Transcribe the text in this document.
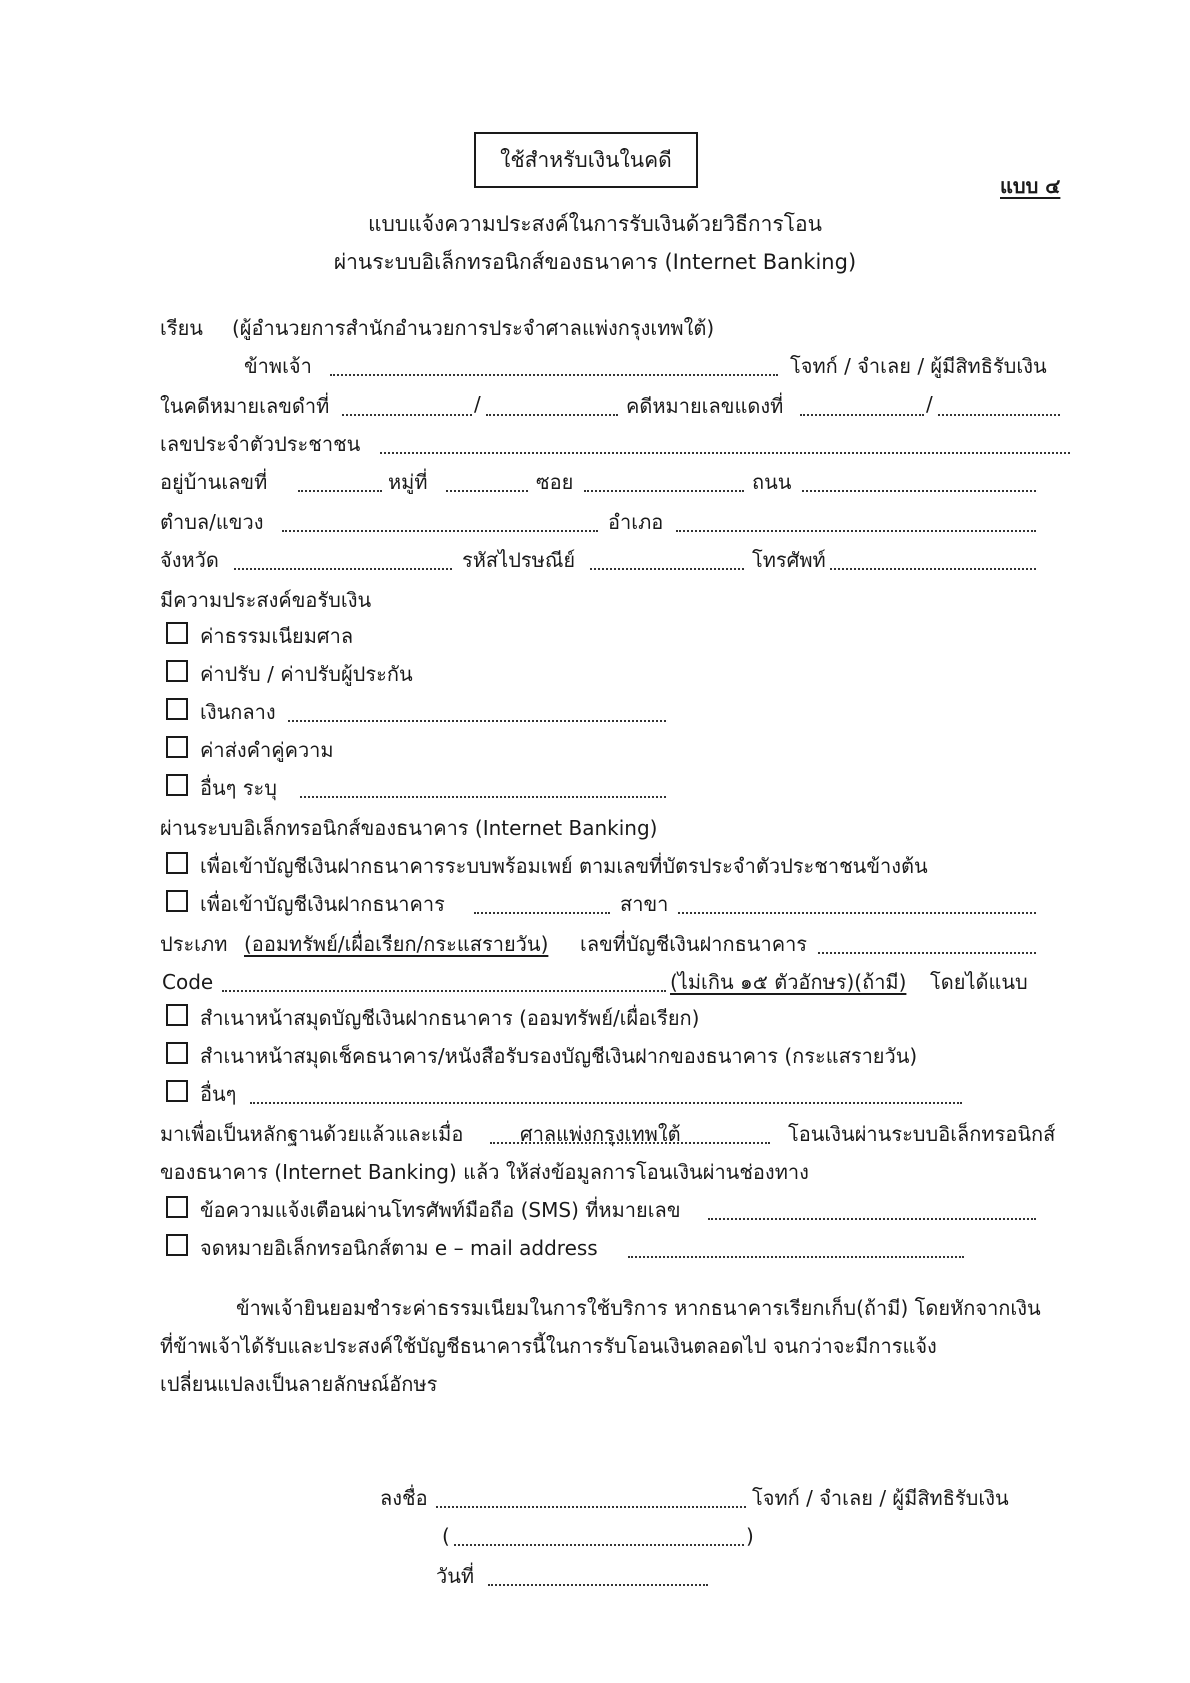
ใช้สำหรับเงินในคดี
แบบ ๔
แบบแจ้งความประสงค์ในการรับเงินด้วยวิธีการโอน
ผ่านระบบอิเล็กทรอนิกส์ของธนาคาร (Internet Banking)
เรียน (ผู้อำนวยการสำนักอำนวยการประจำศาลแพ่งกรุงเทพใต้)
ข้าพเจ้า	โจทก์ / จำเลย / ผู้มีสิทธิรับเงิน
ในคดีหมายเลขดำที่	/	คดีหมายเลขแดงที่	/
เลขประจำตัวประชาชน
อยู่บ้านเลขที่	หมู่ที่	ซอย	ถนน
ตำบล/แขวง	อำเภอ
จังหวัด	รหัสไปรษณีย์	โทรศัพท์
มีความประสงค์ขอรับเงิน
ค่าธรรมเนียมศาล
ค่าปรับ / ค่าปรับผู้ประกัน
เงินกลาง
ค่าส่งคำคู่ความ
อื่นๆ ระบุ
ผ่านระบบอิเล็กทรอนิกส์ของธนาคาร (Internet Banking)
เพื่อเข้าบัญชีเงินฝากธนาคารระบบพร้อมเพย์ ตามเลขที่บัตรประจำตัวประชาชนข้างต้น
เพื่อเข้าบัญชีเงินฝากธนาคาร	สาขา
ประเภท (ออมทรัพย์/เผื่อเรียก/กระแสรายวัน) เลขที่บัญชีเงินฝากธนาคาร
Code	(ไม่เกิน ๑๕ ตัวอักษร)(ถ้ามี) โดยได้แนบ
สำเนาหน้าสมุดบัญชีเงินฝากธนาคาร (ออมทรัพย์/เผื่อเรียก)
สำเนาหน้าสมุดเช็คธนาคาร/หนังสือรับรองบัญชีเงินฝากของธนาคาร (กระแสรายวัน)
อื่นๆ
มาเพื่อเป็นหลักฐานด้วยแล้วและเมื่อ	ศาลแพ่งกรุงเทพใต้	โอนเงินผ่านระบบอิเล็กทรอนิกส์
ของธนาคาร (Internet Banking) แล้ว ให้ส่งข้อมูลการโอนเงินผ่านช่องทาง
ข้อความแจ้งเตือนผ่านโทรศัพท์มือถือ (SMS) ที่หมายเลข
จดหมายอิเล็กทรอนิกส์ตาม e – mail address
ข้าพเจ้ายินยอมชำระค่าธรรมเนียมในการใช้บริการ หากธนาคารเรียกเก็บ(ถ้ามี) โดยหักจากเงิน
ที่ข้าพเจ้าได้รับและประสงค์ใช้บัญชีธนาคารนี้ในการรับโอนเงินตลอดไป จนกว่าจะมีการแจ้ง
เปลี่ยนแปลงเป็นลายลักษณ์อักษร
ลงชื่อ	โจทก์ / จำเลย / ผู้มีสิทธิรับเงิน
(	)
วันที่
